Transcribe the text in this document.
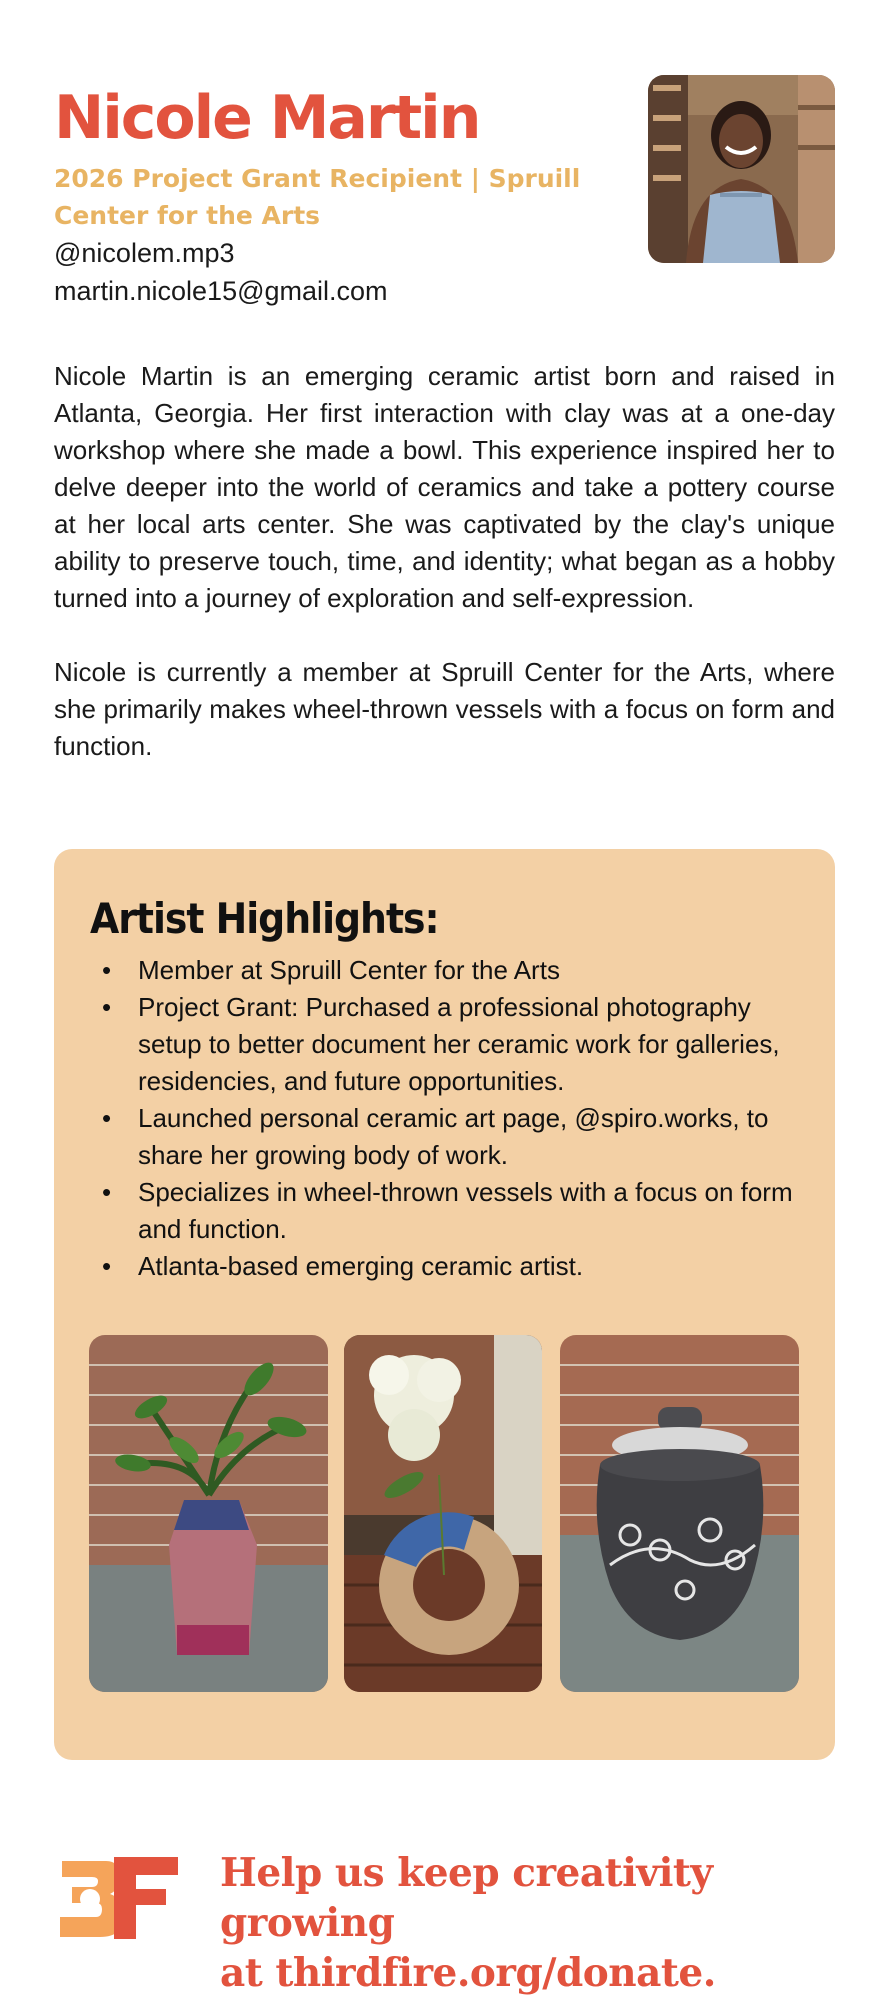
Nicole Martin
2026 Project Grant Recipient | Spruill Center for the Arts
@nicolem.mp3
martin.nicole15@gmail.com

Nicole Martin is an emerging ceramic artist born and raised in Atlanta, Georgia. Her first interaction with clay was at a one-day workshop where she made a bowl. This experience inspired her to delve deeper into the world of ceramics and take a pottery course at her local arts center. She was captivated by the clay's unique ability to preserve touch, time, and identity; what began as a hobby turned into a journey of exploration and self-expression.

Nicole is currently a member at Spruill Center for the Arts, where she primarily makes wheel-thrown vessels with a focus on form and function.

Artist Highlights:
• Member at Spruill Center for the Arts
• Project Grant: Purchased a professional photography setup to better document her ceramic work for galleries, residencies, and future opportunities.
• Launched personal ceramic art page, @spiro.works, to share her growing body of work.
• Specializes in wheel-thrown vessels with a focus on form and function.
• Atlanta-based emerging ceramic artist.
Help us keep creativity growing
at thirdfire.org/donate.
